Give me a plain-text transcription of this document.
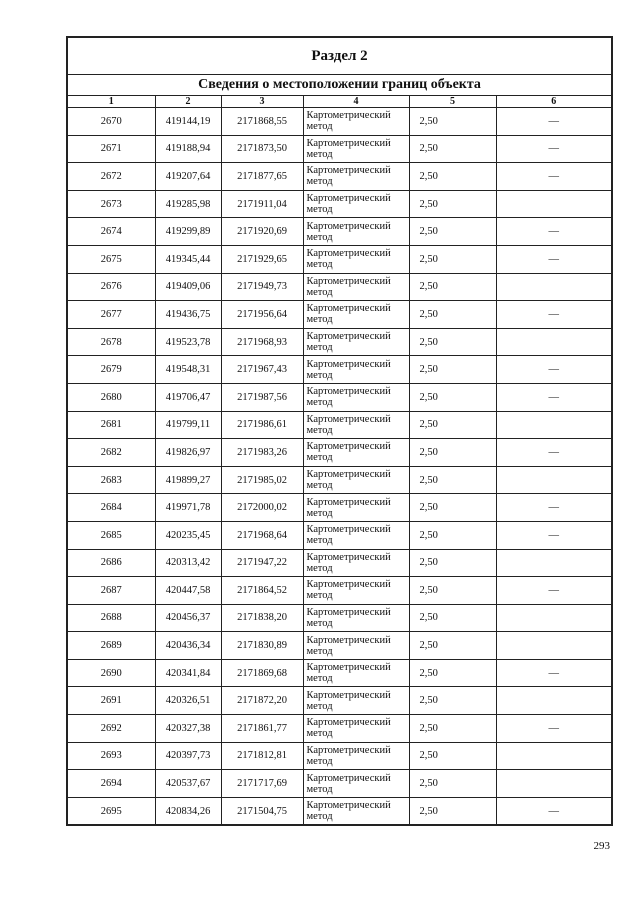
Раздел 2					
Сведения о местоположении границ объекта					
1	2	3	4	5	6
2670	419144,19	2171868,55	Картометрический метод	2,50	—
2671	419188,94	2171873,50	Картометрический метод	2,50	—
2672	419207,64	2171877,65	Картометрический метод	2,50	—
2673	419285,98	2171911,04	Картометрический метод	2,50	
2674	419299,89	2171920,69	Картометрический метод	2,50	—
2675	419345,44	2171929,65	Картометрический метод	2,50	—
2676	419409,06	2171949,73	Картометрический метод	2,50	
2677	419436,75	2171956,64	Картометрический метод	2,50	—
2678	419523,78	2171968,93	Картометрический метод	2,50	
2679	419548,31	2171967,43	Картометрический метод	2,50	—
2680	419706,47	2171987,56	Картометрический метод	2,50	—
2681	419799,11	2171986,61	Картометрический метод	2,50	
2682	419826,97	2171983,26	Картометрический метод	2,50	—
2683	419899,27	2171985,02	Картометрический метод	2,50	
2684	419971,78	2172000,02	Картометрический метод	2,50	—
2685	420235,45	2171968,64	Картометрический метод	2,50	—
2686	420313,42	2171947,22	Картометрический метод	2,50	
2687	420447,58	2171864,52	Картометрический метод	2,50	—
2688	420456,37	2171838,20	Картометрический метод	2,50	
2689	420436,34	2171830,89	Картометрический метод	2,50	
2690	420341,84	2171869,68	Картометрический метод	2,50	—
2691	420326,51	2171872,20	Картометрический метод	2,50	
2692	420327,38	2171861,77	Картометрический метод	2,50	—
2693	420397,73	2171812,81	Картометрический метод	2,50	
2694	420537,67	2171717,69	Картометрический метод	2,50	
2695	420834,26	2171504,75	Картометрический метод	2,50	—
293
